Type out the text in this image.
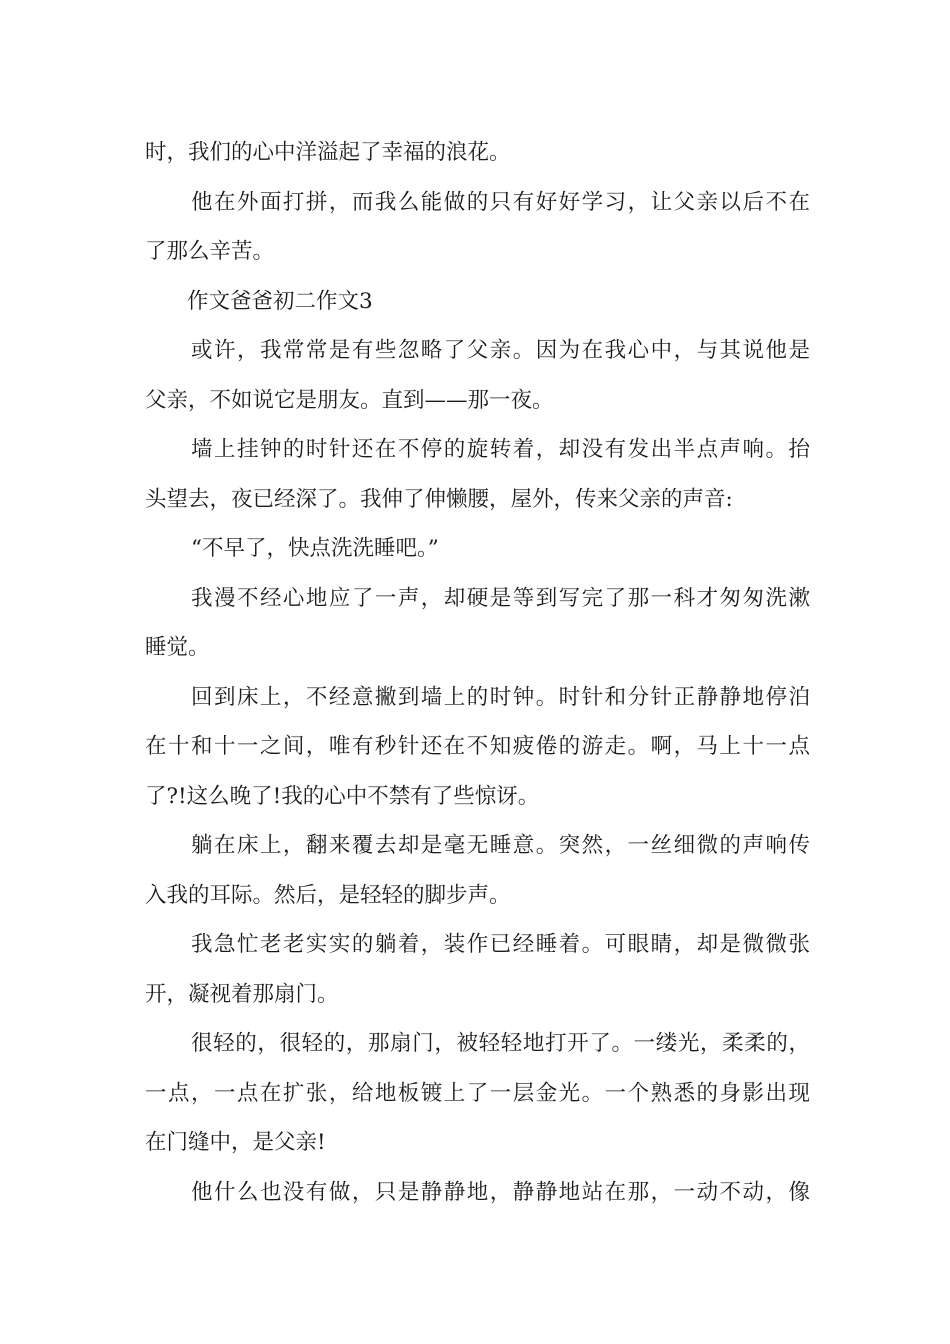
时，我们的心中洋溢起了幸福的浪花。
他在外面打拼，而我么能做的只有好好学习，让父亲以后不在
了那么辛苦。
作文爸爸初二作文3
或许，我常常是有些忽略了父亲。因为在我心中，与其说他是
父亲，不如说它是朋友。直到——那一夜。
墙上挂钟的时针还在不停的旋转着，却没有发出半点声响。抬
头望去，夜已经深了。我伸了伸懒腰，屋外，传来父亲的声音:
“不早了，快点洗洗睡吧。”
我漫不经心地应了一声，却硬是等到写完了那一科才匆匆洗漱
睡觉。
回到床上，不经意撇到墙上的时钟。时针和分针正静静地停泊
在十和十一之间，唯有秒针还在不知疲倦的游走。啊，马上十一点
了?!这么晚了!我的心中不禁有了些惊讶。
躺在床上，翻来覆去却是毫无睡意。突然，一丝细微的声响传
入我的耳际。然后，是轻轻的脚步声。
我急忙老老实实的躺着，装作已经睡着。可眼睛，却是微微张
开，凝视着那扇门。
很轻的，很轻的，那扇门，被轻轻地打开了。一缕光，柔柔的，
一点，一点在扩张，给地板镀上了一层金光。一个熟悉的身影出现
在门缝中，是父亲!
他什么也没有做，只是静静地，静静地站在那，一动不动，像
